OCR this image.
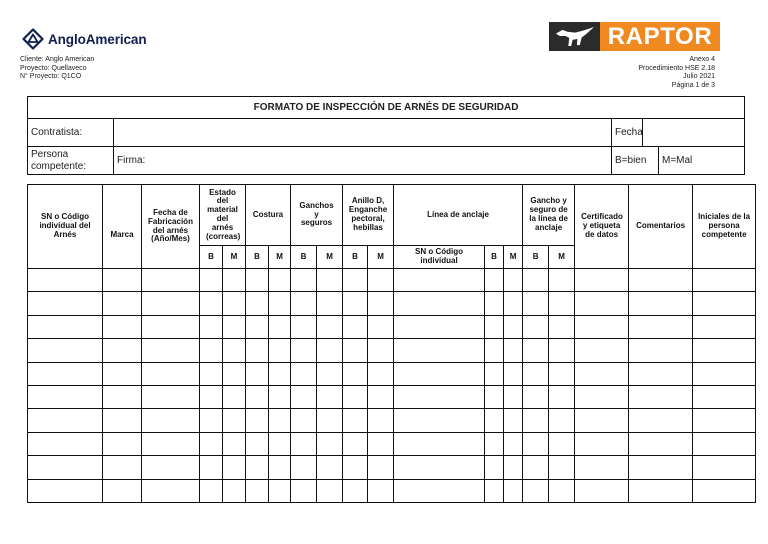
AngloAmerican
Cliente: Anglo American
Proyecto: Quellaveco
N° Proyecto: Q1CO
RAPTOR
Anexo 4
Procedimiento HSE 2.18
Julio 2021
Página 1 de 3
FORMATO DE INSPECCIÓN DE ARNÉS DE SEGURIDAD				
Contratista:		Fecha		
Persona competente:	Firma:	B=bien		M=Mal
SN o Código individual del Arnés	Marca	Fecha de Fabricación del arnés (Año/Mes)	Estado del material del arnés (correas)		Costura		Ganchos y seguros		Anillo D, Enganche pectoral, hebillas		Línea de anclaje			Gancho y seguro de la línea de anclaje		Certificado y etiqueta de datos	Comentarios	Iniciales de la persona competente
			B	M	B	M	B	M	B	M	SN o Código individual	B	M	B	M			
